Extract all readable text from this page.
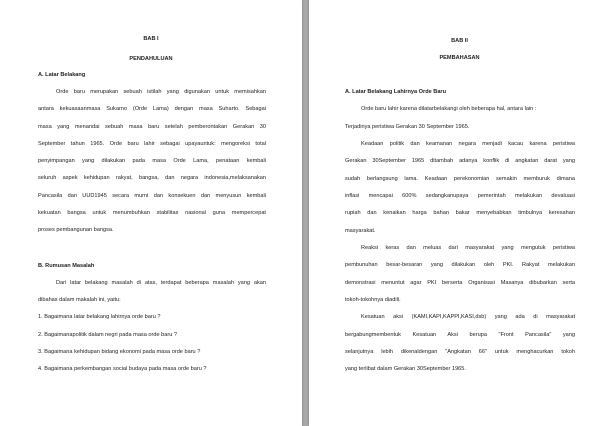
BAB I
PENDAHULUAN
A. Latar Belakang
Orde baru merupakan sebuah istilah yang digunakan untuk memisahkan
antara kekuasaanmasa Sukarno (Orde Lama) dengan masa Suharto. Sebagai
masa yang menandai sebuah masa baru setelah pemberontakan Gerakan 30
September tahun 1965. Orde baru lahir sebagai upayauntuk: mengoreksi total
penyimpangan yang dilakukan pada masa Orde Lama, penataan kembali
seluruh aspek kehidupan rakyat, bangsa, dan negara indonesia,melaksanakan
Pancasila dan UUD1945 secara murni dan konsekuen dan menyusun kembali
kekuatan bangsa untuk menumbuhkan stabilitas nasional guna mempercepat
proses pembangunan bangsa.
B. Rumusan Masalah
Dari latar belakang masalah di atas, terdapat beberapa masalah yang akan
dibahas dalam makalah ini, yaitu:
1. Bagaimana latar belakang lahirnya orde baru ?
2. Bagaimanapolitik dalam negri pada masa orde baru ?
3. Bagaimana kehidupan bidang ekonomi pada masa orde baru ?
4. Bagaimana perkembangan social budaya pada masa orde baru ?
BAB II
PEMBAHASAN
A. Latar Belakang Lahirnya Orde Baru
Orde baru lahir karena dilatarbelakangi oleh beberapa hal, antara lain :
Terjadinya peristiwa Gerakan 30 September 1965.
Keadaan politik dan keamanan negara menjadi kacau karena peristiwa
Gerakan 30September 1965 ditambah adanya konflik di angkatan darat yang
sudah berlangsung lama. Keadaan perekonomian semakin memburuk dimana
inflasi mencapai 600% sedangkanupaya pemerintah melakukan devaluasi
rupiah dan kenaikan harga bahan bakar menyebabkan timbulnya keresahan
masyarakat.
Reaksi keras dan meluas dari masyarakat yang mengutuk peristiwa
pembunuhan besar-besaran yang dilakukan oleh PKI. Rakyat melakukan
demonstrasi menuntut agar PKI berserta Organisasi Masanya dibubarkan serta
tokoh-tokohnya diadili.
Kesatuan aksi (KAMI,KAPI,KAPPI,KASI,dsb) yang ada di masyarakat
bergabungmembentuk Kesatuan Aksi berupa "Front Pancasila" yang
selanjutnya lebih dikenaldengan "Angkatan 66" untuk menghacurkan tokoh
yang terlibat dalam Gerakan 30September 1965.
